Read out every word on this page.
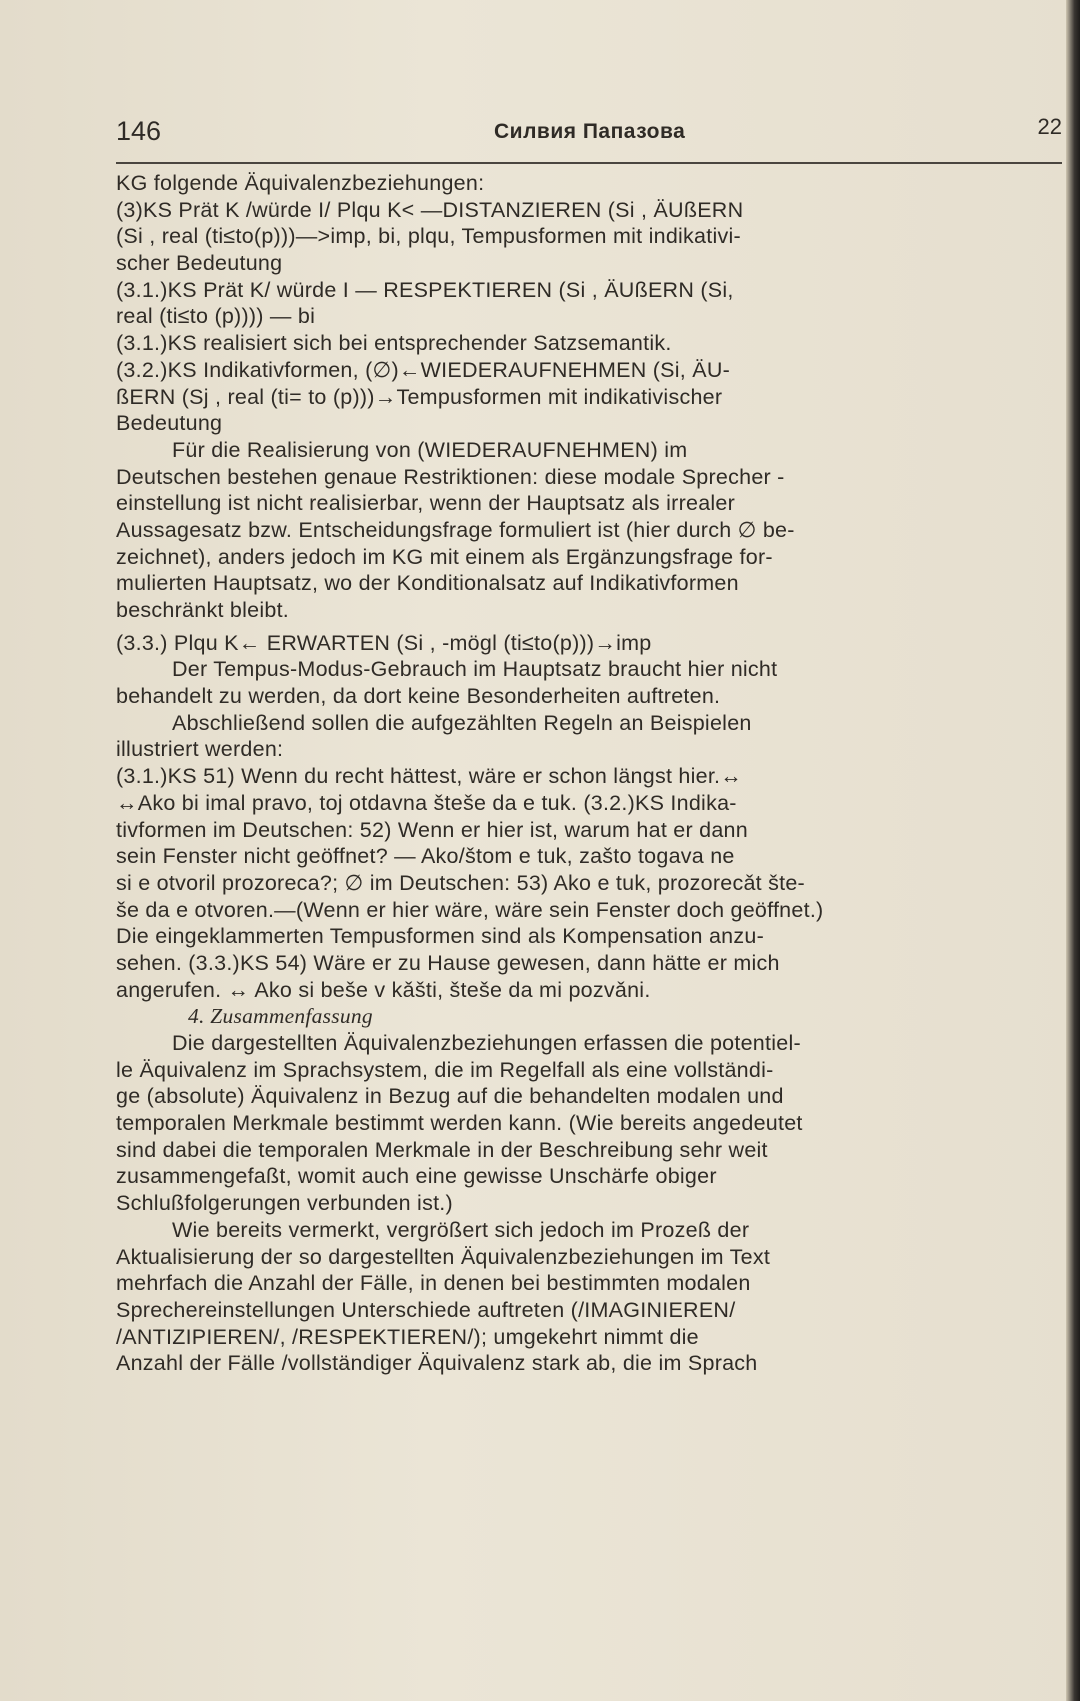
146	Силвия Папазова	22
KG folgende Äquivalenzbeziehungen:
(3)KS Prät K /würde I/ Plqu K< —DISTANZIEREN (Si , ÄUßERN
(Si , real (ti≤to(p)))—>imp, bi, plqu, Tempusformen mit indikativi-
scher Bedeutung
(3.1.)KS Prät K/ würde I — RESPEKTIEREN (Si , ÄUßERN (Si,
real (ti≤to (p)))) — bi
(3.1.)KS realisiert sich bei entsprechender Satzsemantik.
(3.2.)KS Indikativformen, (∅)←WIEDERAUFNEHMEN (Si, ÄU-
ßERN (Sj , real (ti= to (p)))→Tempusformen mit indikativischer
Bedeutung
Für die Realisierung von (WIEDERAUFNEHMEN) im
Deutschen bestehen genaue Restriktionen: diese modale Sprecher -
einstellung ist nicht realisierbar, wenn der Hauptsatz als irrealer
Aussagesatz bzw. Entscheidungsfrage formuliert ist (hier durch ∅ be-
zeichnet), anders jedoch im KG mit einem als Ergänzungsfrage for-
mulierten Hauptsatz, wo der Konditionalsatz auf Indikativformen
beschränkt bleibt.
(3.3.) Plqu K← ERWARTEN (Si , -mögl (ti≤to(p)))→imp
Der Tempus-Modus-Gebrauch im Hauptsatz braucht hier nicht
behandelt zu werden, da dort keine Besonderheiten auftreten.
Abschließend sollen die aufgezählten Regeln an Beispielen
illustriert werden:
(3.1.)KS 51) Wenn du recht hättest, wäre er schon längst hier.↔
↔Ako bi imal pravo, toj otdavna šteše da e tuk. (3.2.)KS Indika-
tivformen im Deutschen: 52) Wenn er hier ist, warum hat er dann
sein Fenster nicht geöffnet? — Ako/štom e tuk, zašto togava ne
si e otvoril prozoreca?; ∅ im Deutschen: 53) Ako e tuk, prozorecǎt šte-
še da e otvoren.—(Wenn er hier wäre, wäre sein Fenster doch geöffnet.)
Die eingeklammerten Tempusformen sind als Kompensation anzu-
sehen. (3.3.)KS 54) Wäre er zu Hause gewesen, dann hätte er mich
angerufen. ↔ Ako si beše v kǎšti, šteše da mi pozvǎni.
4. Zusammenfassung
Die dargestellten Äquivalenzbeziehungen erfassen die potentiel-
le Äquivalenz im Sprachsystem, die im Regelfall als eine vollständi-
ge (absolute) Äquivalenz in Bezug auf die behandelten modalen und
temporalen Merkmale bestimmt werden kann. (Wie bereits angedeutet
sind dabei die temporalen Merkmale in der Beschreibung sehr weit
zusammengefaßt, womit auch eine gewisse Unschärfe obiger
Schlußfolgerungen verbunden ist.)
Wie bereits vermerkt, vergrößert sich jedoch im Prozeß der
Aktualisierung der so dargestellten Äquivalenzbeziehungen im Text
mehrfach die Anzahl der Fälle, in denen bei bestimmten modalen
Sprechereinstellungen Unterschiede auftreten (/IMAGINIEREN/
/ANTIZIPIEREN/, /RESPEKTIEREN/); umgekehrt nimmt die
Anzahl der Fälle /vollständiger Äquivalenz stark ab, die im Sprach
